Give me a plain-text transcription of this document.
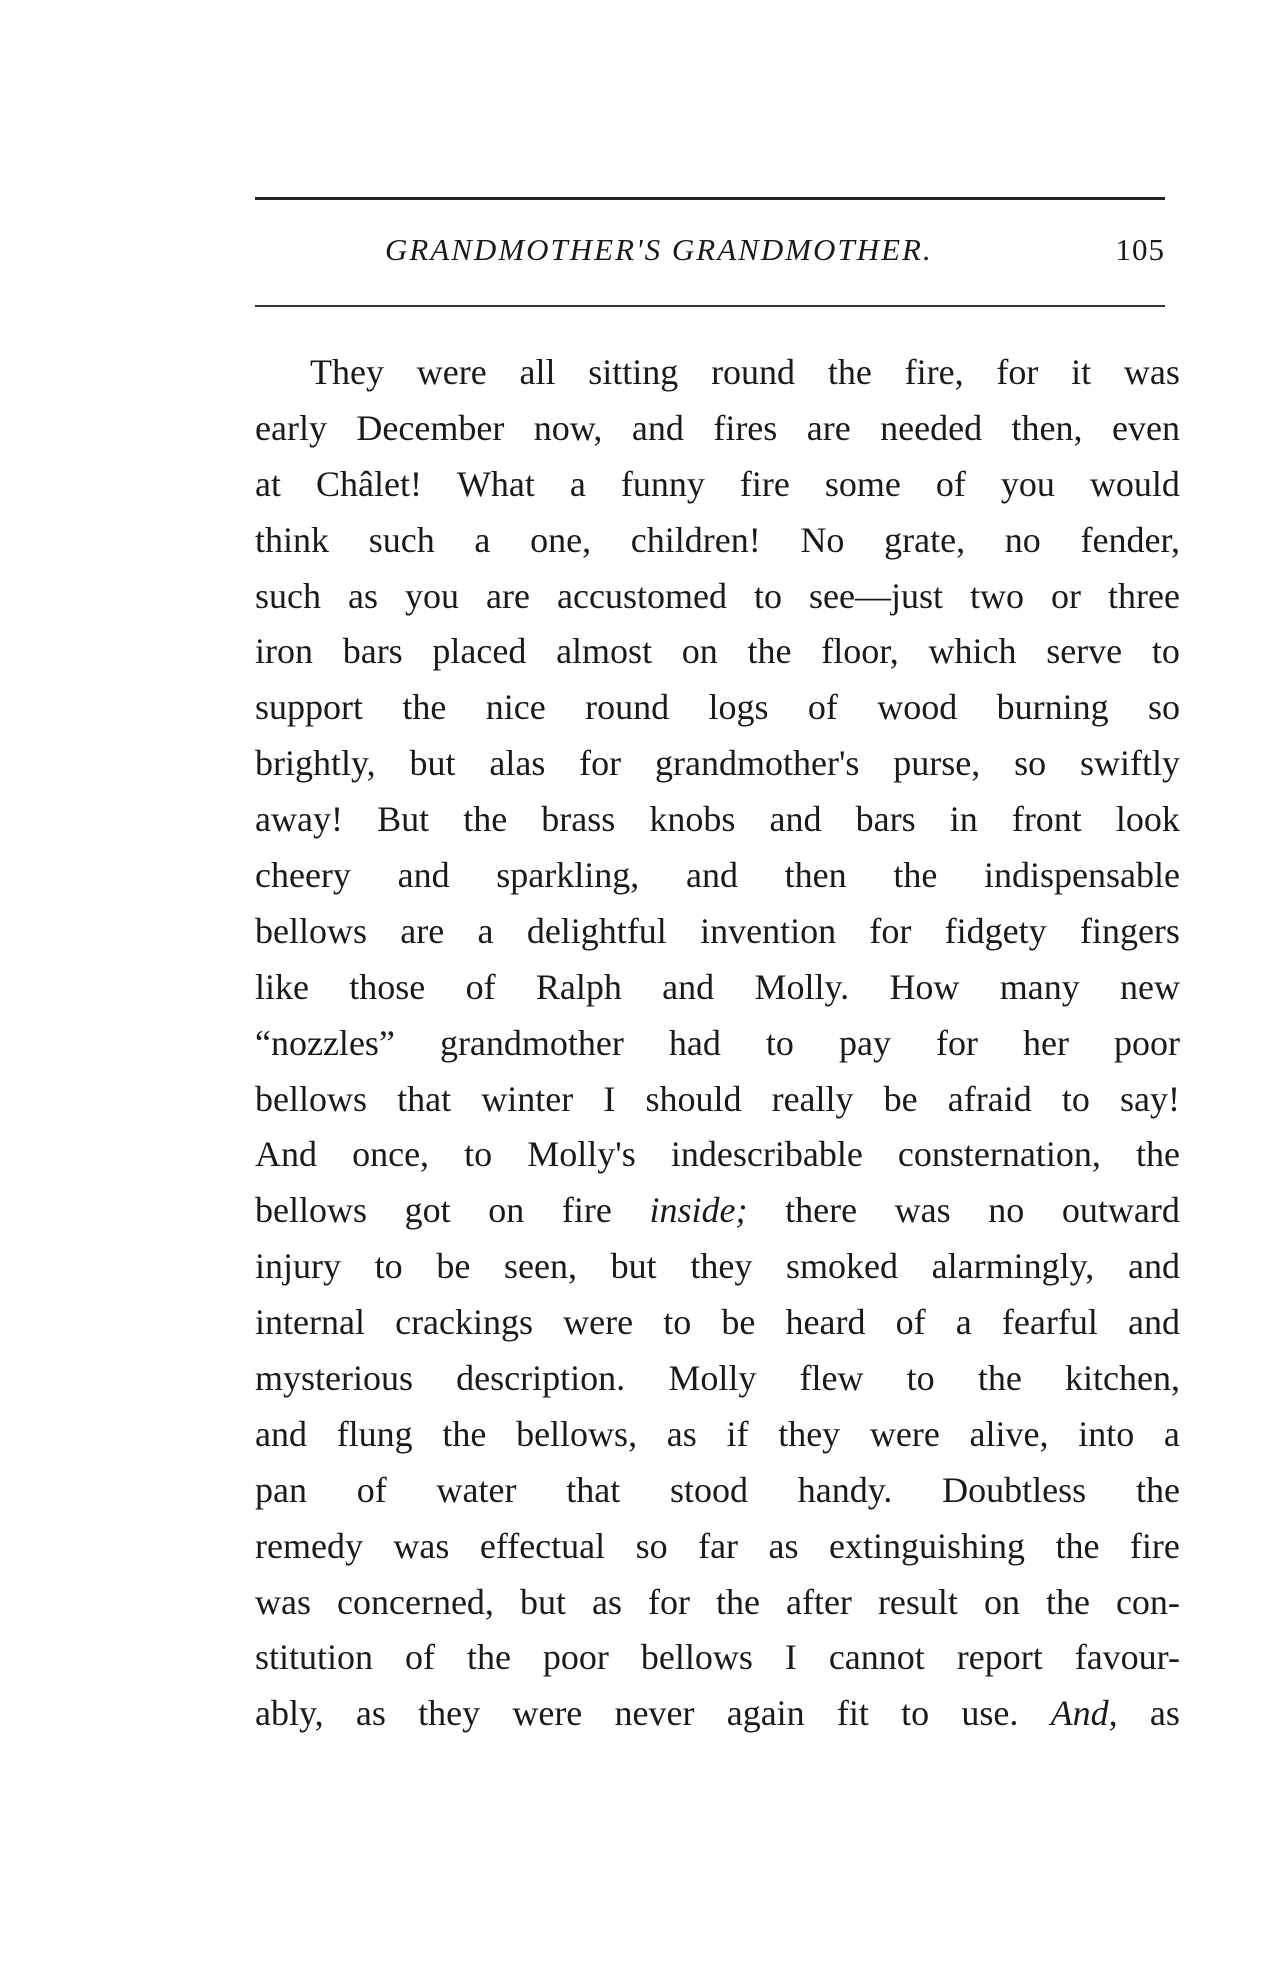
GRANDMOTHER'S GRANDMOTHER.	105
They were all sitting round the fire, for it was
early December now, and fires are needed then, even
at Châlet! What a funny fire some of you would
think such a one, children! No grate, no fender,
such as you are accustomed to see—just two or three
iron bars placed almost on the floor, which serve to
support the nice round logs of wood burning so
brightly, but alas for grandmother's purse, so swiftly
away! But the brass knobs and bars in front look
cheery and sparkling, and then the indispensable
bellows are a delightful invention for fidgety fingers
like those of Ralph and Molly. How many new
“nozzles” grandmother had to pay for her poor
bellows that winter I should really be afraid to say!
And once, to Molly's indescribable consternation, the
bellows got on fire inside; there was no outward
injury to be seen, but they smoked alarmingly, and
internal crackings were to be heard of a fearful and
mysterious description. Molly flew to the kitchen,
and flung the bellows, as if they were alive, into a
pan of water that stood handy. Doubtless the
remedy was effectual so far as extinguishing the fire
was concerned, but as for the after result on the con-
stitution of the poor bellows I cannot report favour-
ably, as they were never again fit to use. And, as
